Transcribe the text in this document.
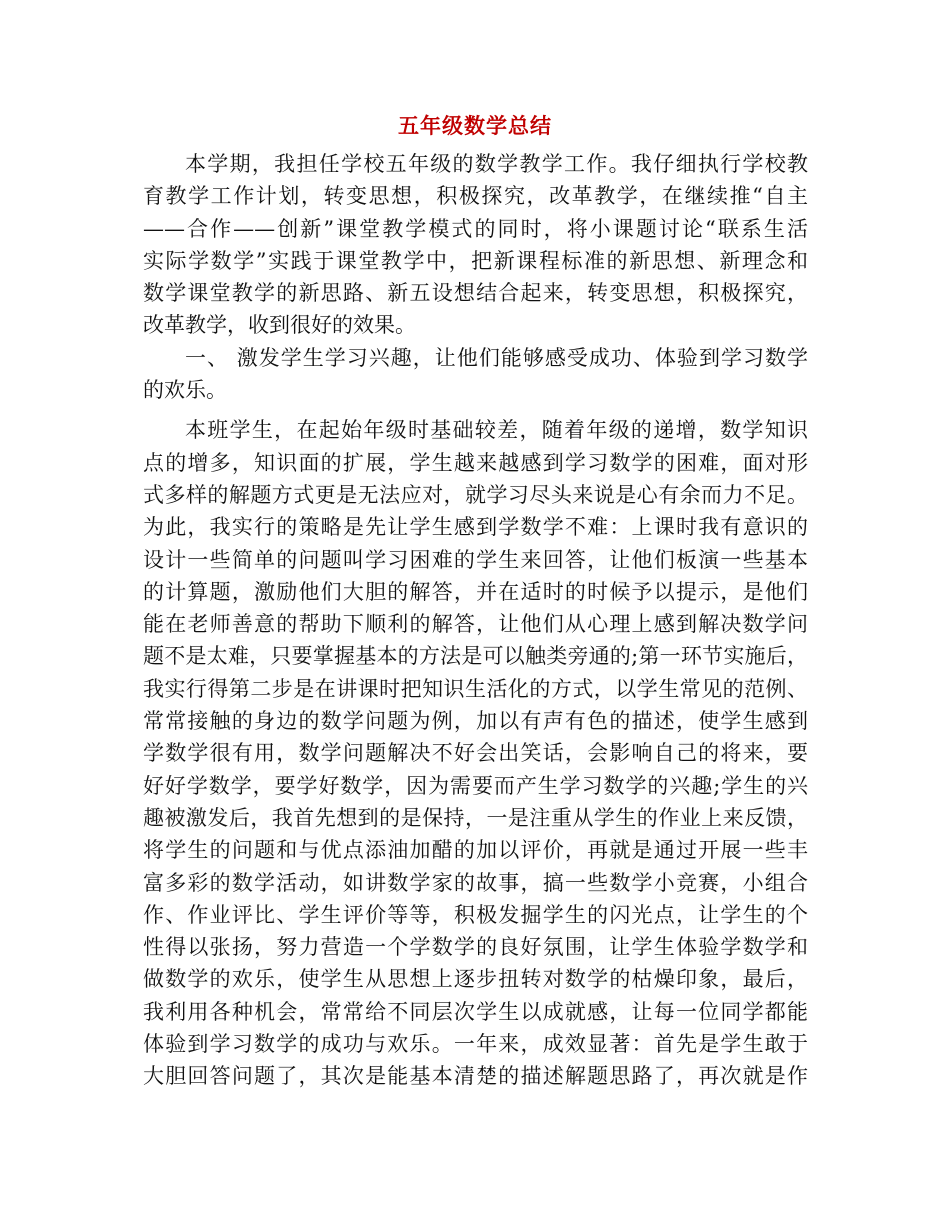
五年级数学总结
本学期，我担任学校五年级的数学教学工作。我仔细执行学校教
育教学工作计划，转变思想，积极探究，改革教学，在继续推“自主
——合作——创新”课堂教学模式的同时，将小课题讨论“联系生活
实际学数学”实践于课堂教学中，把新课程标准的新思想、新理念和
数学课堂教学的新思路、新五设想结合起来，转变思想，积极探究，
改革教学，收到很好的效果。
一、 激发学生学习兴趣，让他们能够感受成功、体验到学习数学
的欢乐。
本班学生，在起始年级时基础较差，随着年级的递增，数学知识
点的增多，知识面的扩展，学生越来越感到学习数学的困难，面对形
式多样的解题方式更是无法应对，就学习尽头来说是心有余而力不足。
为此，我实行的策略是先让学生感到学数学不难：上课时我有意识的
设计一些简单的问题叫学习困难的学生来回答，让他们板演一些基本
的计算题，激励他们大胆的解答，并在适时的时候予以提示，是他们
能在老师善意的帮助下顺利的解答，让他们从心理上感到解决数学问
题不是太难，只要掌握基本的方法是可以触类旁通的;第一环节实施后，
我实行得第二步是在讲课时把知识生活化的方式，以学生常见的范例、
常常接触的身边的数学问题为例，加以有声有色的描述，使学生感到
学数学很有用，数学问题解决不好会出笑话，会影响自己的将来，要
好好学数学，要学好数学，因为需要而产生学习数学的兴趣;学生的兴
趣被激发后，我首先想到的是保持，一是注重从学生的作业上来反馈，
将学生的问题和与优点添油加醋的加以评价，再就是通过开展一些丰
富多彩的数学活动，如讲数学家的故事，搞一些数学小竞赛，小组合
作、作业评比、学生评价等等，积极发掘学生的闪光点，让学生的个
性得以张扬，努力营造一个学数学的良好氛围，让学生体验学数学和
做数学的欢乐，使学生从思想上逐步扭转对数学的枯燥印象，最后，
我利用各种机会，常常给不同层次学生以成就感，让每一位同学都能
体验到学习数学的成功与欢乐。一年来，成效显著：首先是学生敢于
大胆回答问题了，其次是能基本清楚的描述解题思路了，再次就是作
